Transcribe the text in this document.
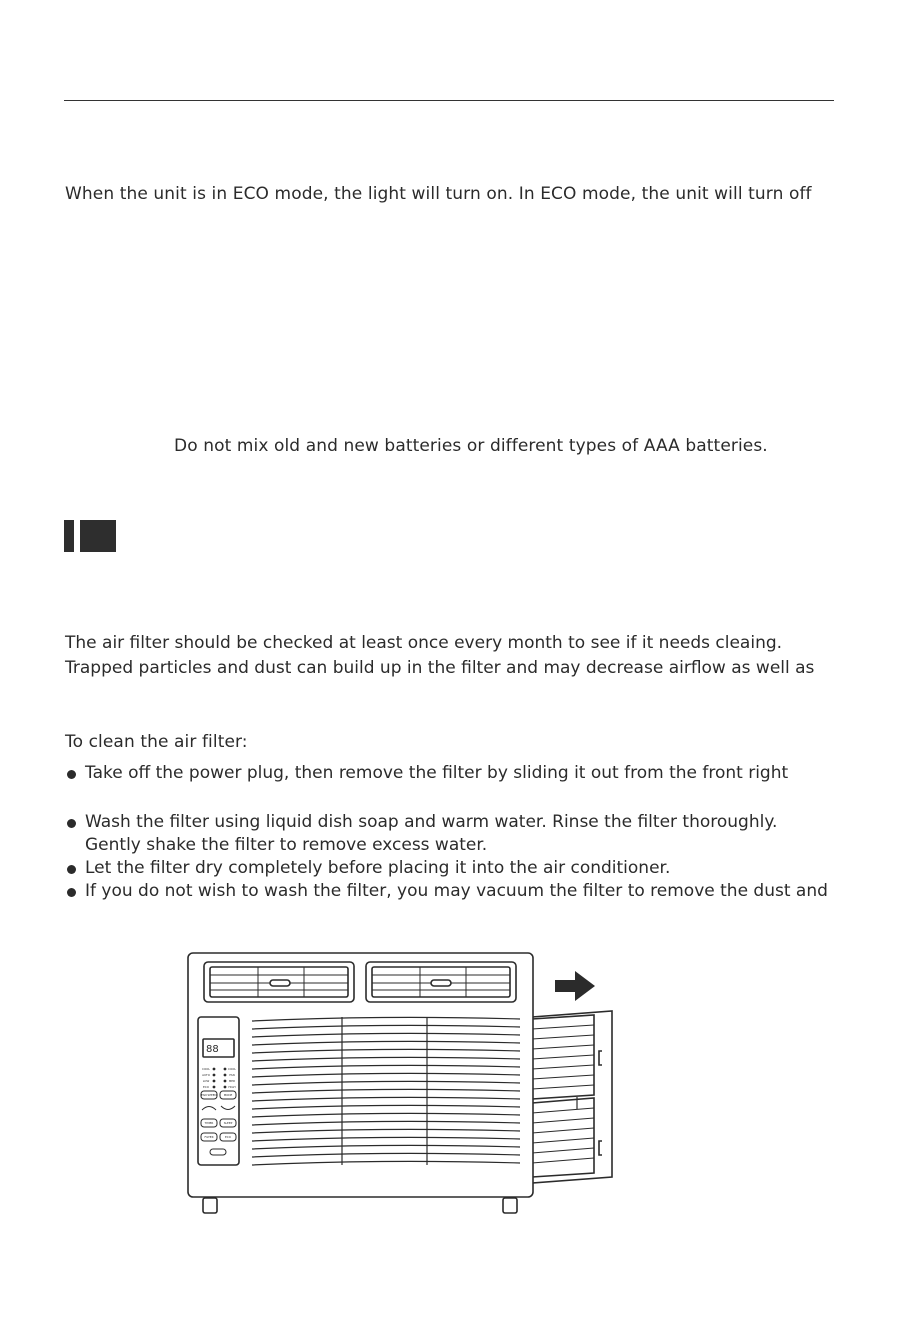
When the unit is in ECO mode, the light will turn on. In ECO mode, the unit will turn off
Do not mix old and new batteries or different types of AAA batteries.
The air filter should be checked at least once every month to see if it needs cleaing.
Trapped particles and dust can build up in the filter and may decrease airflow as well as
To clean the air filter:
Take off the power plug, then remove the filter by sliding it out from the front right
Wash the filter using liquid dish soap and warm water. Rinse the filter thoroughly.
Gently shake the filter to remove excess water.
Let the filter dry completely before placing it into the air conditioner.
If you do not wish to wash the filter, you may vacuum the filter to remove the dust and
88
COOL
AUTO
LOW
ECO
COOL
FAN
MED
HIGH
FAN SPEED	MODE
TIMER	SLEEP
FILTER	ECO
